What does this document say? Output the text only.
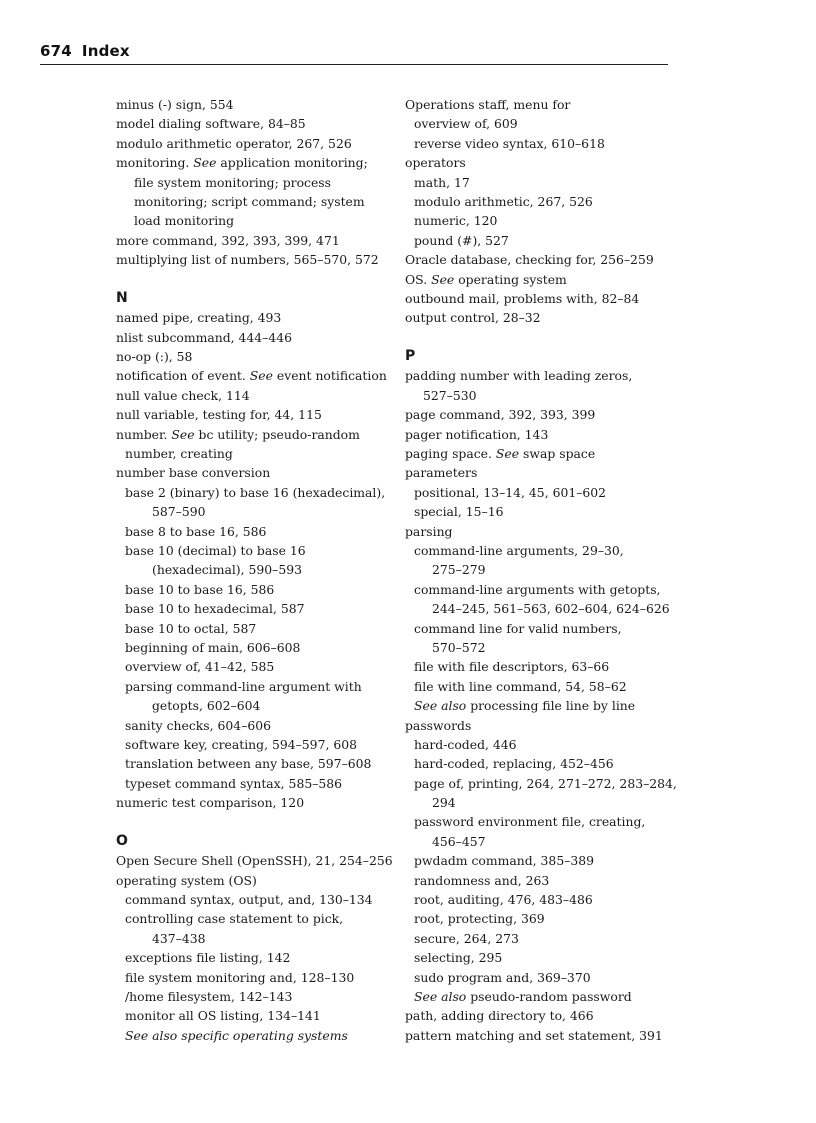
674 Index
minus (-) sign, 554
model dialing software, 84–85
modulo arithmetic operator, 267, 526
monitoring. See application monitoring;
file system monitoring; process
monitoring; script command; system
load monitoring
more command, 392, 393, 399, 471
multiplying list of numbers, 565–570, 572
N
named pipe, creating, 493
nlist subcommand, 444–446
no-op (:), 58
notification of event. See event notification
null value check, 114
null variable, testing for, 44, 115
number. See bc utility; pseudo-random
number, creating
number base conversion
base 2 (binary) to base 16 (hexadecimal),
587–590
base 8 to base 16, 586
base 10 (decimal) to base 16
(hexadecimal), 590–593
base 10 to base 16, 586
base 10 to hexadecimal, 587
base 10 to octal, 587
beginning of main, 606–608
overview of, 41–42, 585
parsing command-line argument with
getopts, 602–604
sanity checks, 604–606
software key, creating, 594–597, 608
translation between any base, 597–608
typeset command syntax, 585–586
numeric test comparison, 120
O
Open Secure Shell (OpenSSH), 21, 254–256
operating system (OS)
command syntax, output, and, 130–134
controlling case statement to pick,
437–438
exceptions file listing, 142
file system monitoring and, 128–130
/home filesystem, 142–143
monitor all OS listing, 134–141
See also specific operating systems
Operations staff, menu for
overview of, 609
reverse video syntax, 610–618
operators
math, 17
modulo arithmetic, 267, 526
numeric, 120
pound (#), 527
Oracle database, checking for, 256–259
OS. See operating system
outbound mail, problems with, 82–84
output control, 28–32
P
padding number with leading zeros,
527–530
page command, 392, 393, 399
pager notification, 143
paging space. See swap space
parameters
positional, 13–14, 45, 601–602
special, 15–16
parsing
command-line arguments, 29–30,
275–279
command-line arguments with getopts,
244–245, 561–563, 602–604, 624–626
command line for valid numbers,
570–572
file with file descriptors, 63–66
file with line command, 54, 58–62
See also processing file line by line
passwords
hard-coded, 446
hard-coded, replacing, 452–456
page of, printing, 264, 271–272, 283–284,
294
password environment file, creating,
456–457
pwdadm command, 385–389
randomness and, 263
root, auditing, 476, 483–486
root, protecting, 369
secure, 264, 273
selecting, 295
sudo program and, 369–370
See also pseudo-random password
path, adding directory to, 466
pattern matching and set statement, 391
